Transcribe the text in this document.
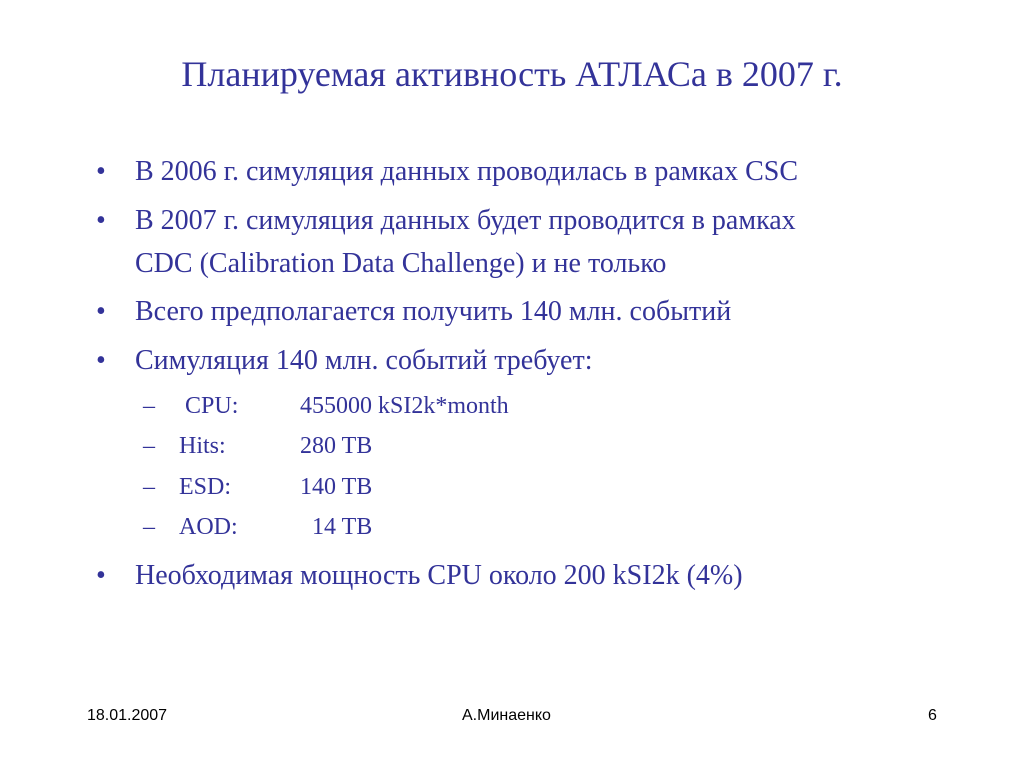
Планируемая активность АТЛАСа в 2007 г.
• В 2006 г. симуляция данных проводилась в рамках CSC
• В 2007 г. симуляция данных будет проводится в рамках
CDC (Calibration Data Challenge) и не только
• Всего предполагается получить 140 млн. событий
• Симуляция 140 млн. событий требует:
– CPU:	455000 kSI2k*month
– Hits:	280 TB
– ESD:	140 TB
– AOD:	14 TB
• Необходимая мощность CPU около 200 kSI2k (4%)
18.01.2007	А.Минаенко	6
